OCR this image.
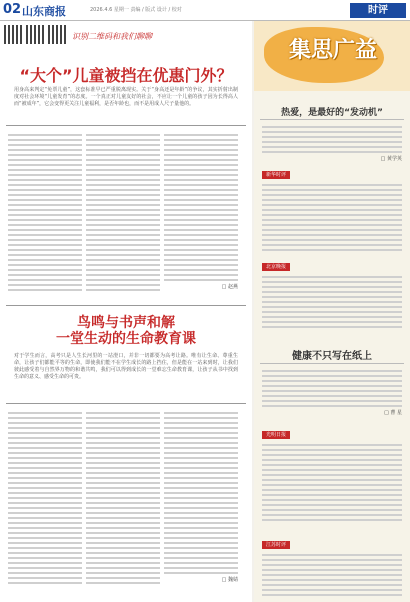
02 山东商报	2026.4.6 星期一 责编 / 版式 设计 / 校对	时评
识别二维码和我们聊聊
“大个”儿童被挡在优惠门外？
用身高来判定“免票儿童”，这套标准早已严重脱离现实。关于“身高还是年龄”的争议，其实折射出制度对社会环境“儿童发育”的态度。一个真正对儿童友好的社会，不应让一个儿童的孩子因为长得高人而“被成年”，它会变得更关注儿童福利，是否年龄也，而不是用成人尺子量他的。
□ 赵燕
鸟鸣与书声和解
一堂生动的生命教育课
对于学生而言，高考只是人生长河里的一站澄口，并非一切都要为高考让路。唯有让生命、尊重生命，让孩子们都能平等的生命，即使我们能不在学生成长的路上挡住，但是能在一站来到时，让我们彼此感受着与自然界万物的和谐共鸣，我们可以得到成长的一堂难忘生命教育课，让孩子从书中找到生命的意义、感受生命的可贵。
□ 魏婧
集思广益
热爱，是最好的“发动机”
□ 黄学英
新华时评
北京晚报
健康不只写在纸上
□ 曹 星
光明日报
江苏时评
